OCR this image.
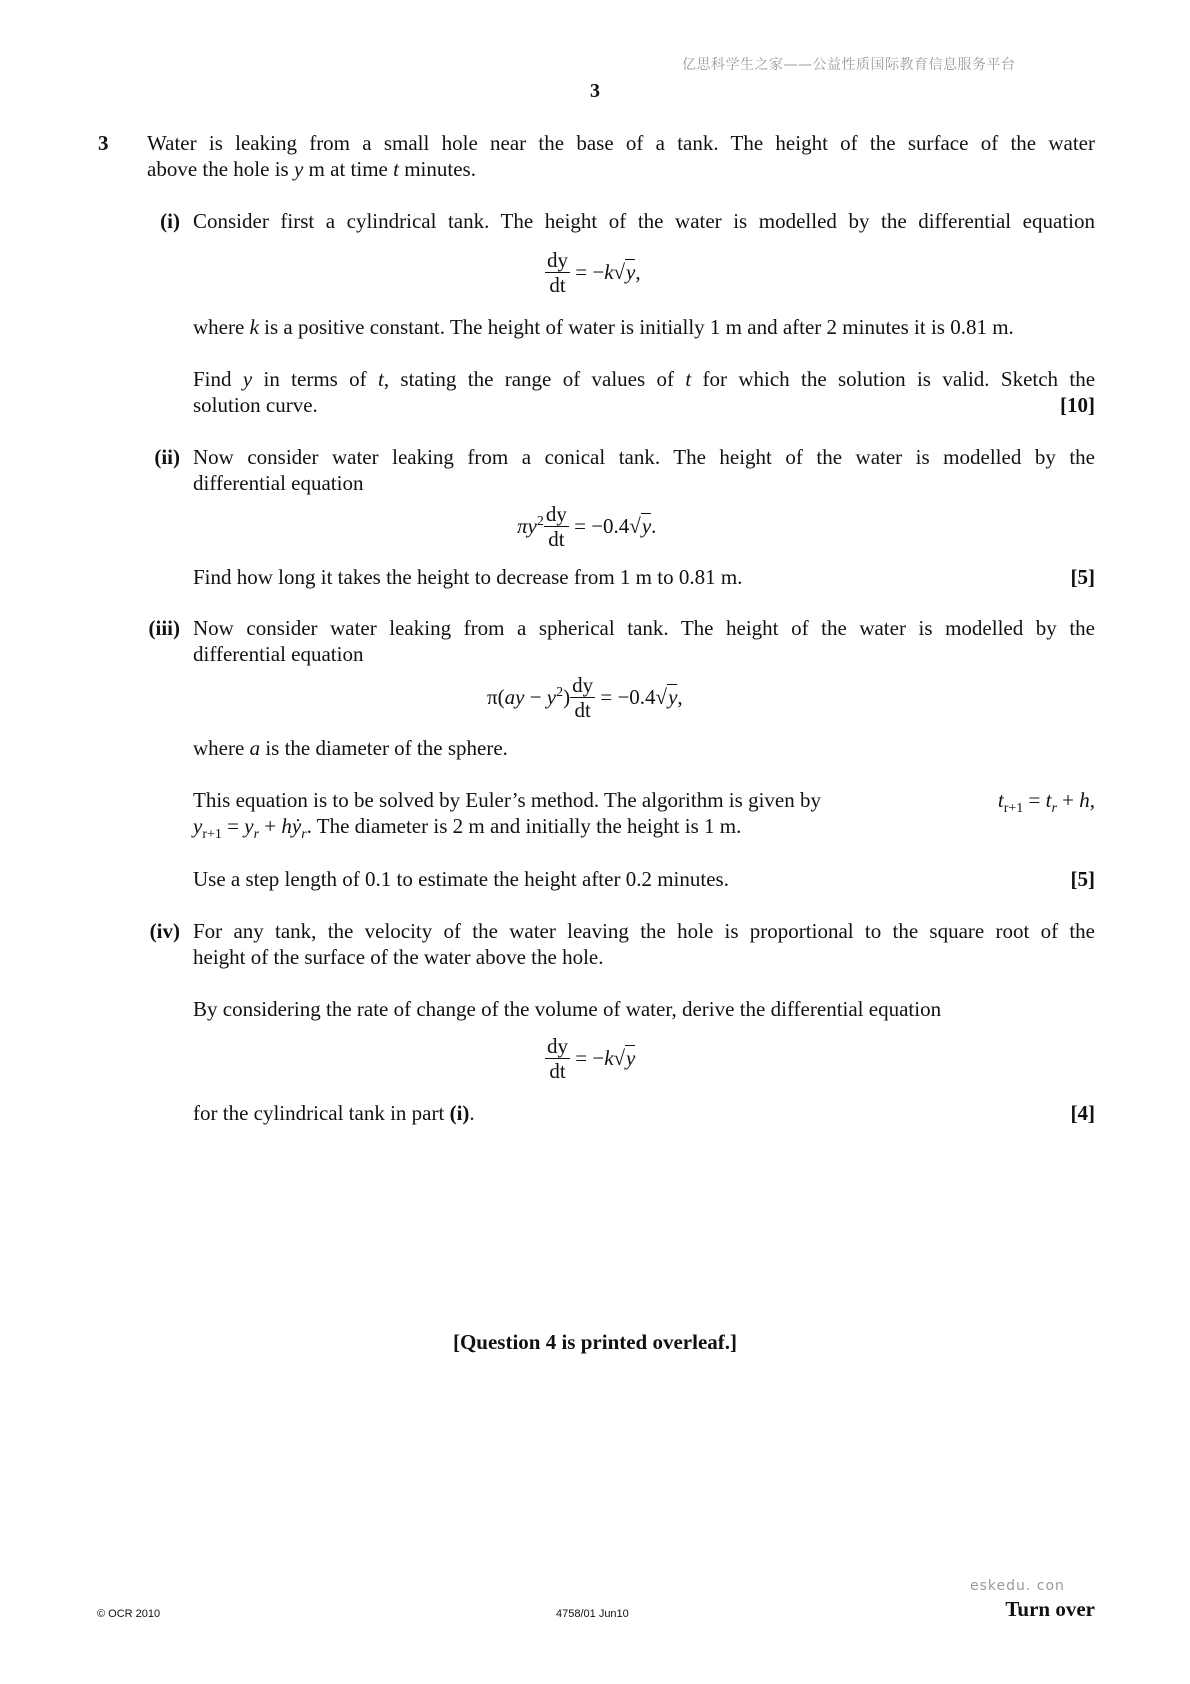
亿思科学生之家——公益性质国际教育信息服务平台
3
3 Water is leaking from a small hole near the base of a tank. The height of the surface of the water
above the hole is y m at time t minutes.
(i) Consider first a cylindrical tank. The height of the water is modelled by the differential equation
$\frac{dy}{dt} = -k√y$,
where k is a positive constant. The height of water is initially 1 m and after 2 minutes it is 0.81 m.
Find y in terms of t, stating the range of values of t for which the solution is valid. Sketch the
solution curve.	[10]
(ii) Now consider water leaking from a conical tank. The height of the water is modelled by the
differential equation
$\pi y^2 \frac{dy}{dt} = -0.4√y$.
Find how long it takes the height to decrease from 1 m to 0.81 m.	[5]
(iii) Now consider water leaking from a spherical tank. The height of the water is modelled by the
differential equation
$\pi(ay - y^2) \frac{dy}{dt} = -0.4√y$,
where a is the diameter of the sphere.
This equation is to be solved by Euler’s method. The algorithm is given by	$t_{r+1} = t_r + h$,
$y_{r+1} = y_r$ + hẏ$_r$. The diameter is 2 m and initially the height is 1 m.
Use a step length of 0.1 to estimate the height after 0.2 minutes.	[5]
(iv) For any tank, the velocity of the water leaving the hole is proportional to the square root of the
height of the surface of the water above the hole.
By considering the rate of change of the volume of water, derive the differential equation
$\frac{dy}{dt} = -k√y$
for the cylindrical tank in part (i).	[4]
[Question 4 is printed overleaf.]
eskedu. con
© OCR 2010	4758/01 Jun10	Turn over
